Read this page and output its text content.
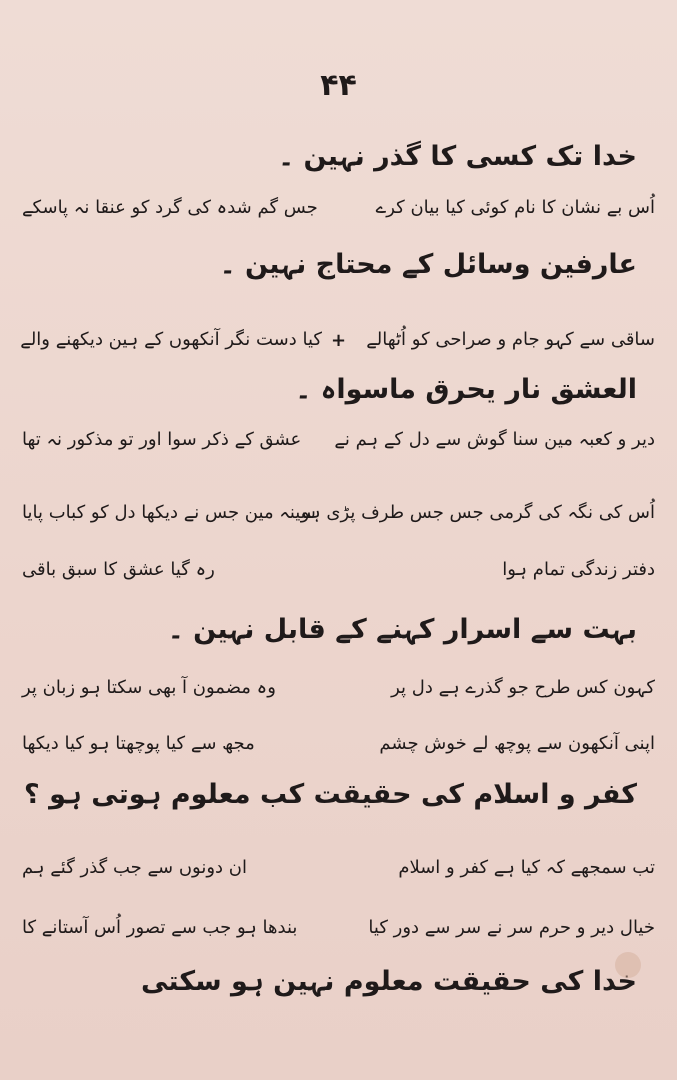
۴۴
خدا تک کسی کا گذر نہین ۔
اُس بے نشان کا نام کوئی کیا بیان کرے
جس گم شدہ کی گرد کو عنقا نہ پاسکے
عارفین وسائل کے محتاج نہین ۔
ساقی سے کہو جام و صراحی کو اُٹھالے
+
کیا دست نگر آنکھوں کے ہین دیکھنے والے
العشق نار یحرق ماسواہ ۔
دیر و کعبہ مین سنا گوش سے دل کے ہم نے
عشق کے ذکر سوا اور تو مذکور نہ تھا
اُس کی نگہ کی گرمی جس جس طرف پڑی ہو
سینہ مین جس نے دیکھا دل کو کباب پایا
دفتر زندگی تمام ہوا
رہ گیا عشق کا سبق باقی
بہت سے اسرار کہنے کے قابل نہین ۔
کہون کس طرح جو گذرے ہے دل پر
وہ مضمون آ بھی سکتا ہو زبان پر
اپنی آنکھون سے پوچھ لے خوش چشم
مجھ سے کیا پوچھتا ہو کیا دیکھا
کفر و اسلام کی حقیقت کب معلوم ہوتی ہو ؟
تب سمجھے کہ کیا ہے کفر و اسلام
ان دونوں سے جب گذر گئے ہم
خیال دیر و حرم سر نے سر سے دور کیا
بندھا ہو جب سے تصور اُس آستانے کا
خدا کی حقیقت معلوم نہین ہو سکتی
